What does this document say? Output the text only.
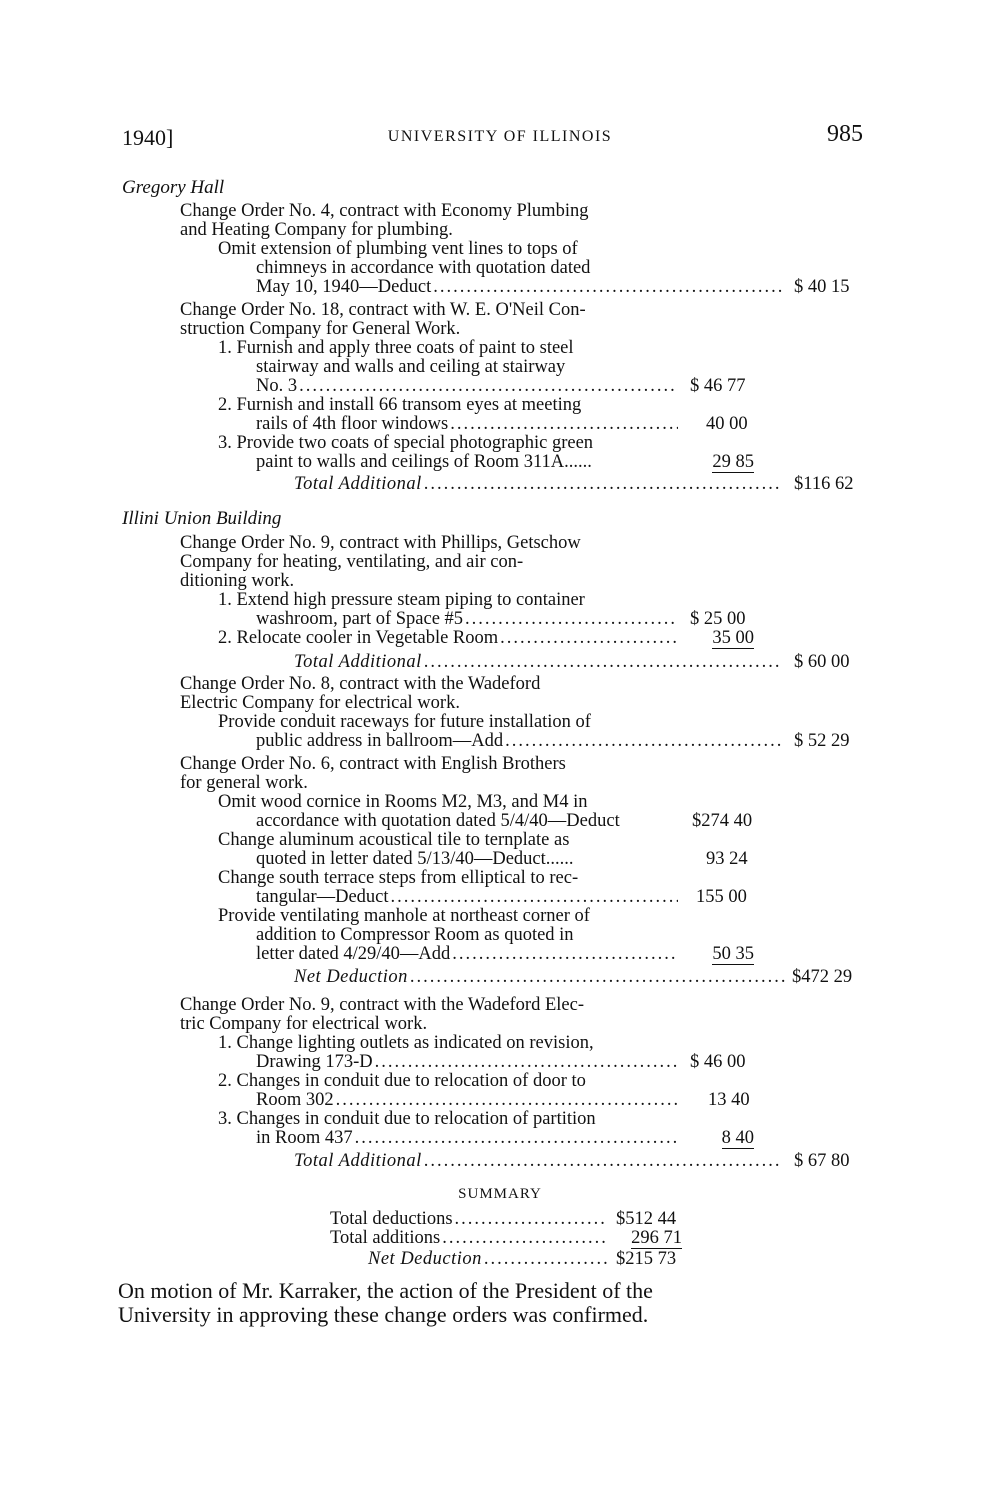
1940]	UNIVERSITY OF ILLINOIS	985
Gregory Hall
Change Order No. 4, contract with Economy Plumbing
and Heating Company for plumbing.
Omit extension of plumbing vent lines to tops of
chimneys in accordance with quotation dated
May 10, 1940—Deduct .....	$ 40 15
Change Order No. 18, contract with W. E. O'Neil Con-
struction Company for General Work.
1. Furnish and apply three coats of paint to steel
stairway and walls and ceiling at stairway
No. 3 .....	$ 46 77
2. Furnish and install 66 transom eyes at meeting
rails of 4th floor windows .....	40 00
3. Provide two coats of special photographic green
paint to walls and ceilings of Room 311A......	29 85
Total Additional .....	$116 62
Illini Union Building
Change Order No. 9, contract with Phillips, Getschow
Company for heating, ventilating, and air con-
ditioning work.
1. Extend high pressure steam piping to container
washroom, part of Space #5 .....	$ 25 00
2. Relocate cooler in Vegetable Room .....	35 00
Total Additional .....	$ 60 00
Change Order No. 8, contract with the Wadeford
Electric Company for electrical work.
Provide conduit raceways for future installation of
public address in ballroom—Add .....	$ 52 29
Change Order No. 6, contract with English Brothers
for general work.
Omit wood cornice in Rooms M2, M3, and M4 in
accordance with quotation dated 5/4/40—Deduct	$274 40
Change aluminum acoustical tile to ternplate as
quoted in letter dated 5/13/40—Deduct......	93 24
Change south terrace steps from elliptical to rec-
tangular—Deduct .....	155 00
Provide ventilating manhole at northeast corner of
addition to Compressor Room as quoted in
letter dated 4/29/40—Add .....	50 35
Net Deduction .....	$472 29
Change Order No. 9, contract with the Wadeford Elec-
tric Company for electrical work.
1. Change lighting outlets as indicated on revision,
Drawing 173-D .....	$ 46 00
2. Changes in conduit due to relocation of door to
Room 302 .....	13 40
3. Changes in conduit due to relocation of partition
in Room 437 .....	8 40
Total Additional .....	$ 67 80
SUMMARY
Total deductions .....	$512 44
Total additions .....	296 71
Net Deduction .....	$215 73
On motion of Mr. Karraker, the action of the President of the
University in approving these change orders was confirmed.
